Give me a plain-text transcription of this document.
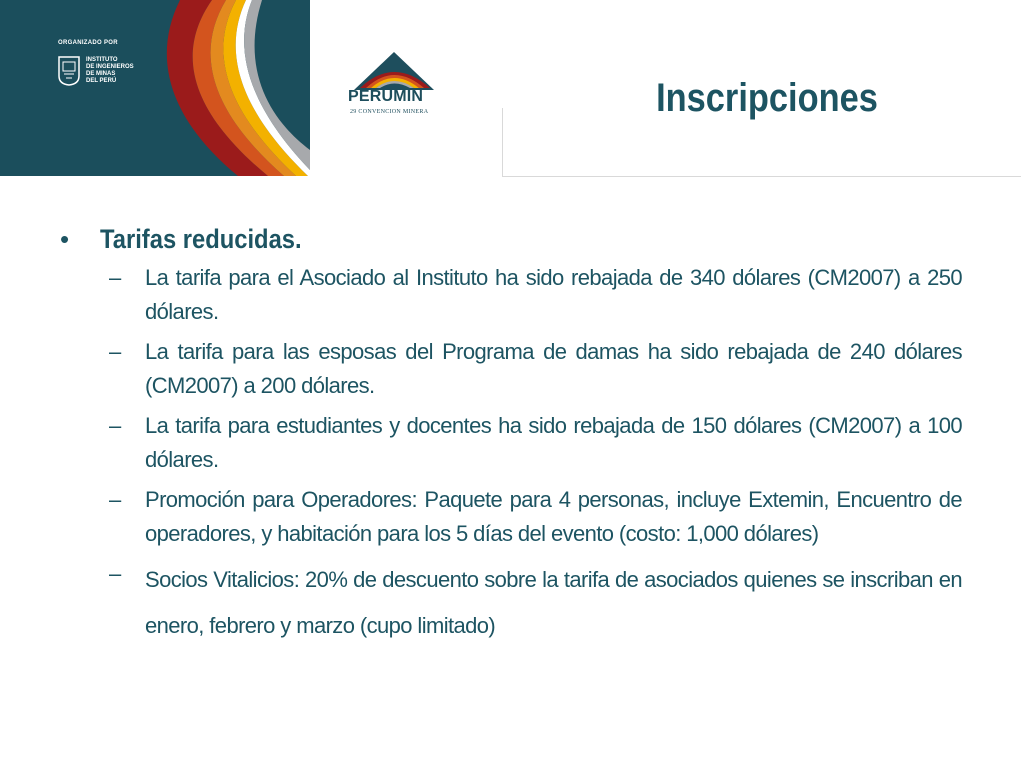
ORGANIZADO POR
INSTITUTO
DE INGENIEROS
DE MINAS
DEL PERÚ
PERUMIN
29 CONVENCION MINERA	Inscripciones
•	Tarifas reducidas.
–	La tarifa para el Asociado al Instituto ha sido rebajada de 340 dólares (CM2007) a 250 dólares.
–	La tarifa para las esposas del Programa de damas ha sido rebajada de 240 dólares (CM2007) a 200 dólares.
–	La tarifa para estudiantes y docentes ha sido rebajada de 150 dólares (CM2007) a 100 dólares.
–	Promoción para Operadores: Paquete para 4 personas, incluye Extemin, Encuentro de operadores, y habitación para los 5 días del evento (costo: 1,000 dólares)
–	Socios Vitalicios: 20% de descuento sobre la tarifa de asociados quienes se inscriban en enero, febrero y marzo (cupo limitado)
